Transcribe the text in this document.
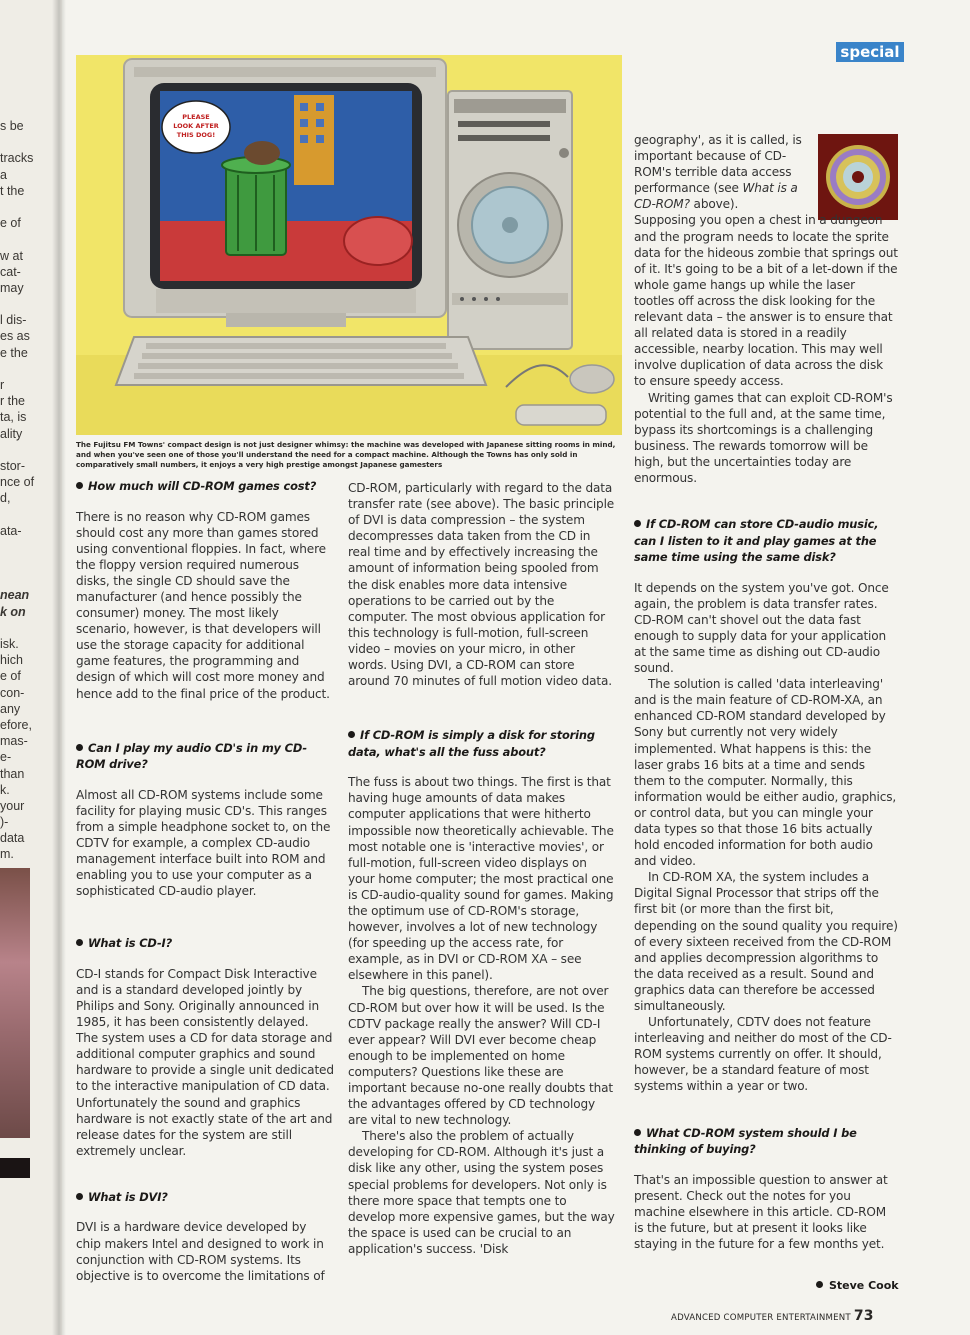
s be
tracks
a
t the
e of
w at
cat-
may
l dis-
es as
e the
r
r the
ta, is
ality
stor-
nce of
d,
ata-
nean
k on
isk.
hich
e of
con-
any
efore,
mas-
e-
than
k.
your
)-
data
m.
special
PLEASE
LOOK AFTER
THIS DOG!
The Fujitsu FM Towns' compact design is not just designer whimsy: the machine was developed with Japanese sitting rooms in mind, and when you've seen one of those you'll understand the need for a compact machine. Although the Towns has only sold in comparatively small numbers, it enjoys a very high prestige amongst Japanese gamesters
How much will CD-ROM games cost?

There is no reason why CD-ROM games should cost any more than games stored using conventional floppies. In fact, where the floppy version required numerous disks, the single CD should save the manufacturer (and hence possibly the consumer) money. The most likely scenario, however, is that developers will use the storage capacity for additional game features, the programming and design of which will cost more money and hence add to the final price of the product.

Can I play my audio CD's in my CD-ROM drive?

Almost all CD-ROM systems include some facility for playing music CD's. This ranges from a simple headphone socket to, on the CDTV for example, a complex CD-audio management interface built into ROM and enabling you to use your computer as a sophisticated CD-audio player.

What is CD-I?

CD-I stands for Compact Disk Interactive and is a standard developed jointly by Philips and Sony. Originally announced in 1985, it has been consistently delayed. The system uses a CD for data storage and additional computer graphics and sound hardware to provide a single unit dedicated to the interactive manipulation of CD data. Unfortunately the sound and graphics hardware is not exactly state of the art and release dates for the system are still extremely unclear.

What is DVI?

DVI is a hardware device developed by chip makers Intel and designed to work in conjunction with CD-ROM systems. Its objective is to overcome the limitations of

CD-ROM, particularly with regard to the data transfer rate (see above). The basic principle of DVI is data compression – the system decompresses data taken from the CD in real time and by effectively increasing the amount of information being spooled from the disk enables more data intensive operations to be carried out by the computer. The most obvious application for this technology is full-motion, full-screen video – movies on your micro, in other words. Using DVI, a CD-ROM can store around 70 minutes of full motion video data.

If CD-ROM is simply a disk for storing data, what's all the fuss about?

The fuss is about two things. The first is that having huge amounts of data makes computer applications that were hitherto impossible now theoretically achievable. The most notable one is 'interactive movies', or full-motion, full-screen video displays on your home computer; the most practical one is CD-audio-quality sound for games. Making the optimum use of CD-ROM's storage, however, involves a lot of new technology (for speeding up the access rate, for example, as in DVI or CD-ROM XA – see elsewhere in this panel).

The big questions, therefore, are not over CD-ROM but over how it will be used. Is the CDTV package really the answer? Will CD-I ever appear? Will DVI ever become cheap enough to be implemented on home computers? Questions like these are important because no-one really doubts that the advantages offered by CD technology are vital to new technology.

There's also the problem of actually developing for CD-ROM. Although it's just a disk like any other, using the system poses special problems for developers. Not only is there more space that tempts one to develop more expensive games, but the way the space is used can be crucial to an application's success. 'Disk

geography', as it is called, is important because of CD-ROM's terrible data access performance (see What is a CD-ROM? above).

Supposing you open a chest in a dungeon and the program needs to locate the sprite data for the hideous zombie that springs out of it. It's going to be a bit of a let-down if the whole game hangs up while the laser tootles off across the disk looking for the relevant data – the answer is to ensure that all related data is stored in a readily accessible, nearby location. This may well involve duplication of data across the disk to ensure speedy access.

Writing games that can exploit CD-ROM's potential to the full and, at the same time, bypass its shortcomings is a challenging business. The rewards tomorrow will be high, but the uncertainties today are enormous.

If CD-ROM can store CD-audio music, can I listen to it and play games at the same time using the same disk?

It depends on the system you've got. Once again, the problem is data transfer rates. CD-ROM can't shovel out the data fast enough to supply data for your application at the same time as dishing out CD-audio sound.

The solution is called 'data interleaving' and is the main feature of CD-ROM-XA, an enhanced CD-ROM standard developed by Sony but currently not very widely implemented. What happens is this: the laser grabs 16 bits at a time and sends them to the computer. Normally, this information would be either audio, graphics, or control data, but you can mingle your data types so that those 16 bits actually hold encoded information for both audio and video.

In CD-ROM XA, the system includes a Digital Signal Processor that strips off the first bit (or more than the first bit, depending on the sound quality you require) of every sixteen received from the CD-ROM and applies decompression algorithms to the data received as a result. Sound and graphics data can therefore be accessed simultaneously.

Unfortunately, CDTV does not feature interleaving and neither do most of the CD-ROM systems currently on offer. It should, however, be a standard feature of most systems within a year or two.

What CD-ROM system should I be thinking of buying?

That's an impossible question to answer at present. Check out the notes for you machine elsewhere in this article. CD-ROM is the future, but at present it looks like staying in the future for a few months yet.

Steve Cook
ADVANCED COMPUTER ENTERTAINMENT 73
